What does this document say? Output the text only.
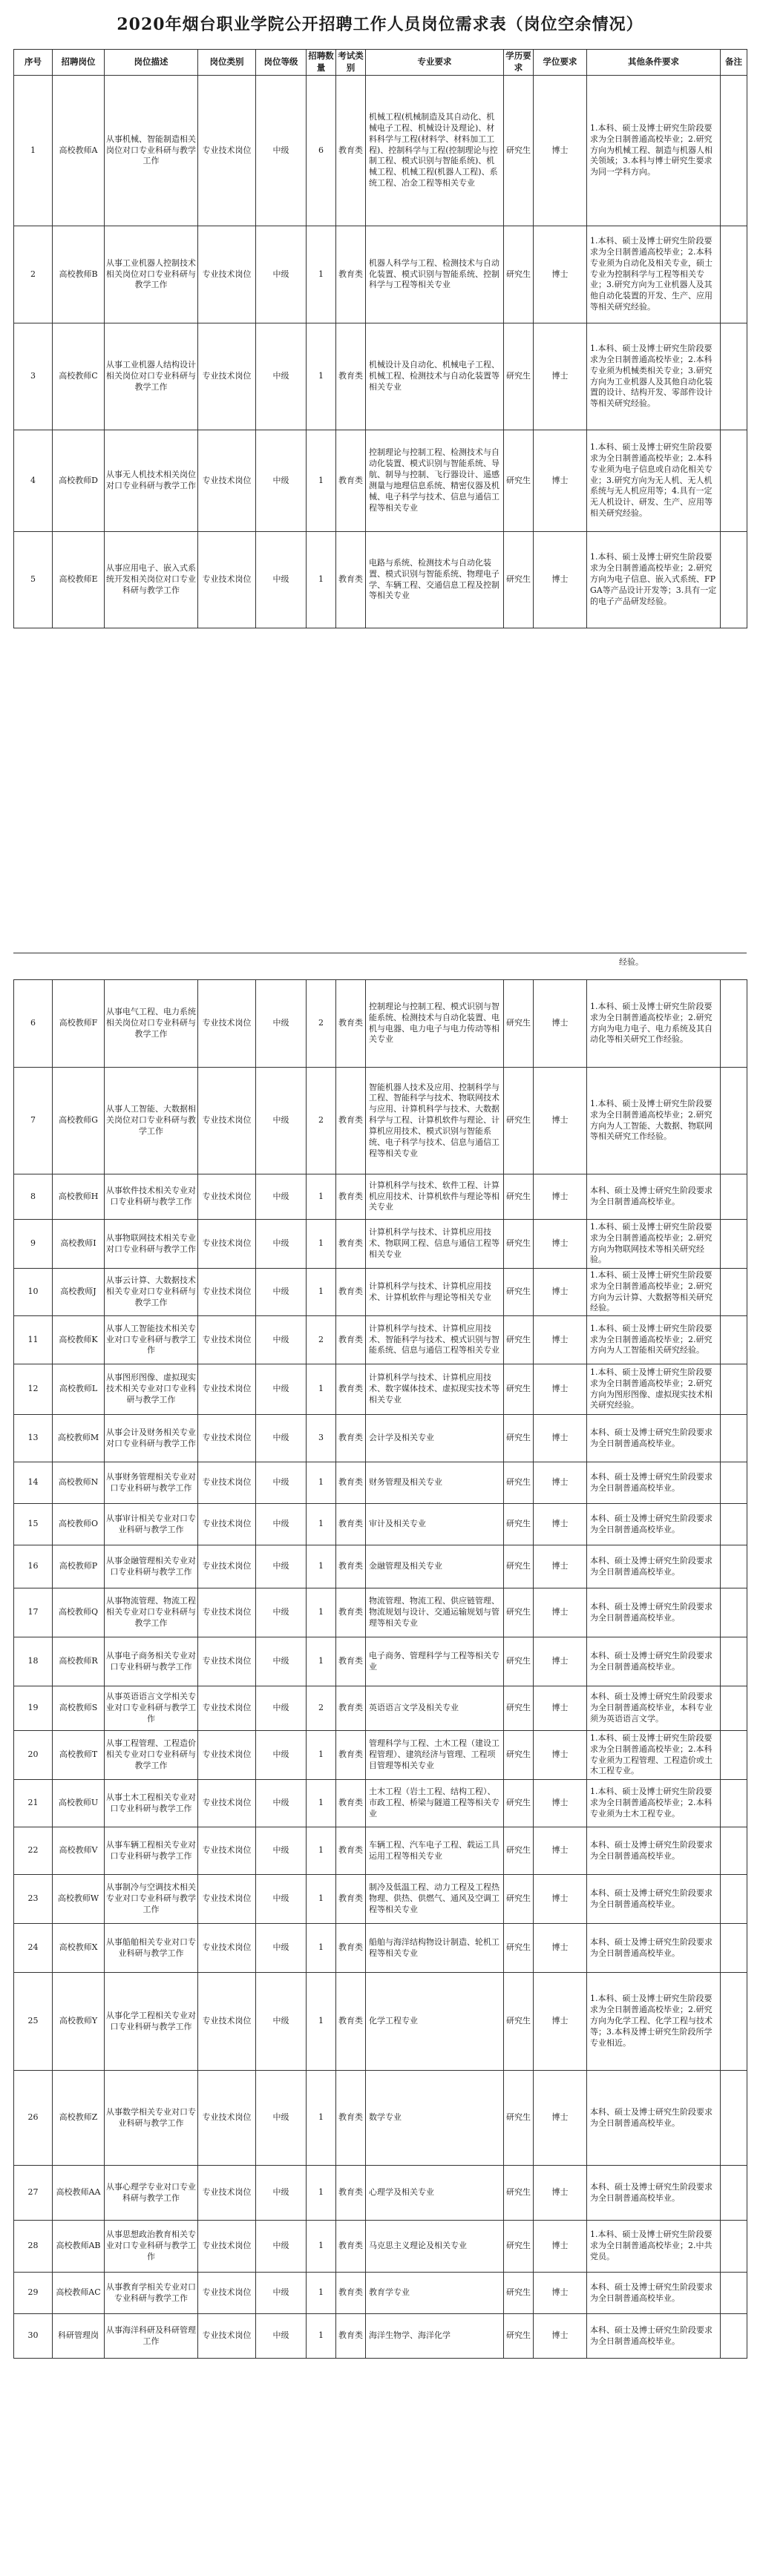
2020年烟台职业学院公开招聘工作人员岗位需求表（岗位空余情况）
序号	招聘岗位	岗位描述	岗位类别	岗位等级	招聘数量	考试类别	专业要求	学历要求	学位要求	其他条件要求	备注
1	高校教师A	从事机械、智能制造相关岗位对口专业科研与教学工作	专业技术岗位	中级	6	教育类	机械工程(机械制造及其自动化、机械电子工程、机械设计及理论)、材料科学与工程(材料学、材料加工工程)、控制科学与工程(控制理论与控制工程、模式识别与智能系统)、机械工程、机械工程(机器人工程)、系统工程、冶金工程等相关专业	研究生	博士	1.本科、硕士及博士研究生阶段要求为全日制普通高校毕业；2.研究方向为机械工程、制造与机器人相关领域；3.本科与博士研究生要求为同一学科方向。	
2	高校教师B	从事工业机器人控制技术相关岗位对口专业科研与教学工作	专业技术岗位	中级	1	教育类	机器人科学与工程、检测技术与自动化装置、模式识别与智能系统、控制科学与工程等相关专业	研究生	博士	1.本科、硕士及博士研究生阶段要求为全日制普通高校毕业；2.本科专业须为自动化及相关专业，硕士专业为控制科学与工程等相关专业；3.研究方向为工业机器人及其他自动化装置的开发、生产、应用等相关研究经验。	
3	高校教师C	从事工业机器人结构设计相关岗位对口专业科研与教学工作	专业技术岗位	中级	1	教育类	机械设计及自动化、机械电子工程、机械工程、检测技术与自动化装置等相关专业	研究生	博士	1.本科、硕士及博士研究生阶段要求为全日制普通高校毕业；2.本科专业须为机械类相关专业；3.研究方向为工业机器人及其他自动化装置的设计、结构开发、零部件设计等相关研究经验。	
4	高校教师D	从事无人机技术相关岗位对口专业科研与教学工作	专业技术岗位	中级	1	教育类	控制理论与控制工程、检测技术与自动化装置、模式识别与智能系统、导航、制导与控制、飞行器设计、遥感测量与地理信息系统、精密仪器及机械、电子科学与技术、信息与通信工程等相关专业	研究生	博士	1.本科、硕士及博士研究生阶段要求为全日制普通高校毕业；2.本科专业须为电子信息或自动化相关专业；3.研究方向为无人机、无人机系统与无人机应用等；4.具有一定无人机设计、研发、生产、应用等相关研究经验。	
5	高校教师E	从事应用电子、嵌入式系统开发相关岗位对口专业科研与教学工作	专业技术岗位	中级	1	教育类	电路与系统、检测技术与自动化装置、模式识别与智能系统、物理电子学、车辆工程、交通信息工程及控制等相关专业	研究生	博士	1.本科、硕士及博士研究生阶段要求为全日制普通高校毕业；2.研究方向为电子信息、嵌入式系统、FPGA等产品设计开发等；3.具有一定的电子产品研发经验。	
经验。
6	高校教师F	从事电气工程、电力系统相关岗位对口专业科研与教学工作	专业技术岗位	中级	2	教育类	控制理论与控制工程、模式识别与智能系统、检测技术与自动化装置、电机与电器、电力电子与电力传动等相关专业	研究生	博士	1.本科、硕士及博士研究生阶段要求为全日制普通高校毕业；2.研究方向为电力电子、电力系统及其自动化等相关研究工作经验。	
7	高校教师G	从事人工智能、大数据相关岗位对口专业科研与教学工作	专业技术岗位	中级	2	教育类	智能机器人技术及应用、控制科学与工程、智能科学与技术、物联网技术与应用、计算机科学与技术、大数据科学与工程、计算机软件与理论、计算机应用技术、模式识别与智能系统、电子科学与技术、信息与通信工程等相关专业	研究生	博士	1.本科、硕士及博士研究生阶段要求为全日制普通高校毕业；2.研究方向为人工智能、大数据、物联网等相关研究工作经验。	
8	高校教师H	从事软件技术相关专业对口专业科研与教学工作	专业技术岗位	中级	1	教育类	计算机科学与技术、软件工程、计算机应用技术、计算机软件与理论等相关专业	研究生	博士	本科、硕士及博士研究生阶段要求为全日制普通高校毕业。	
9	高校教师I	从事物联网技术相关专业对口专业科研与教学工作	专业技术岗位	中级	1	教育类	计算机科学与技术、计算机应用技术、物联网工程、信息与通信工程等相关专业	研究生	博士	1.本科、硕士及博士研究生阶段要求为全日制普通高校毕业；2.研究方向为物联网技术等相关研究经验。	
10	高校教师J	从事云计算、大数据技术相关专业对口专业科研与教学工作	专业技术岗位	中级	1	教育类	计算机科学与技术、计算机应用技术、计算机软件与理论等相关专业	研究生	博士	1.本科、硕士及博士研究生阶段要求为全日制普通高校毕业；2.研究方向为云计算、大数据等相关研究经验。	
11	高校教师K	从事人工智能技术相关专业对口专业科研与教学工作	专业技术岗位	中级	2	教育类	计算机科学与技术、计算机应用技术、智能科学与技术、模式识别与智能系统、信息与通信工程等相关专业	研究生	博士	1.本科、硕士及博士研究生阶段要求为全日制普通高校毕业；2.研究方向为人工智能相关研究经验。	
12	高校教师L	从事图形图像、虚拟现实技术相关专业对口专业科研与教学工作	专业技术岗位	中级	1	教育类	计算机科学与技术、计算机应用技术、数字媒体技术、虚拟现实技术等相关专业	研究生	博士	1.本科、硕士及博士研究生阶段要求为全日制普通高校毕业；2.研究方向为图形图像、虚拟现实技术相关研究经验。	
13	高校教师M	从事会计及财务相关专业对口专业科研与教学工作	专业技术岗位	中级	3	教育类	会计学及相关专业	研究生	博士	本科、硕士及博士研究生阶段要求为全日制普通高校毕业。	
14	高校教师N	从事财务管理相关专业对口专业科研与教学工作	专业技术岗位	中级	1	教育类	财务管理及相关专业	研究生	博士	本科、硕士及博士研究生阶段要求为全日制普通高校毕业。	
15	高校教师O	从事审计相关专业对口专业科研与教学工作	专业技术岗位	中级	1	教育类	审计及相关专业	研究生	博士	本科、硕士及博士研究生阶段要求为全日制普通高校毕业。	
16	高校教师P	从事金融管理相关专业对口专业科研与教学工作	专业技术岗位	中级	1	教育类	金融管理及相关专业	研究生	博士	本科、硕士及博士研究生阶段要求为全日制普通高校毕业。	
17	高校教师Q	从事物流管理、物流工程相关专业对口专业科研与教学工作	专业技术岗位	中级	1	教育类	物流管理、物流工程、供应链管理、物流规划与设计、交通运输规划与管理等相关专业	研究生	博士	本科、硕士及博士研究生阶段要求为全日制普通高校毕业。	
18	高校教师R	从事电子商务相关专业对口专业科研与教学工作	专业技术岗位	中级	1	教育类	电子商务、管理科学与工程等相关专业	研究生	博士	本科、硕士及博士研究生阶段要求为全日制普通高校毕业。	
19	高校教师S	从事英语语言文学相关专业对口专业科研与教学工作	专业技术岗位	中级	2	教育类	英语语言文学及相关专业	研究生	博士	本科、硕士及博士研究生阶段要求为全日制普通高校毕业，本科专业须为英语语言文学。	
20	高校教师T	从事工程管理、工程造价相关专业对口专业科研与教学工作	专业技术岗位	中级	1	教育类	管理科学与工程、土木工程（建设工程管理）、建筑经济与管理、工程项目管理等相关专业	研究生	博士	1.本科、硕士及博士研究生阶段要求为全日制普通高校毕业；2.本科专业须为工程管理、工程造价或土木工程专业。	
21	高校教师U	从事土木工程相关专业对口专业科研与教学工作	专业技术岗位	中级	1	教育类	土木工程（岩土工程、结构工程）、市政工程、桥梁与隧道工程等相关专业	研究生	博士	1.本科、硕士及博士研究生阶段要求为全日制普通高校毕业；2.本科专业须为土木工程专业。	
22	高校教师V	从事车辆工程相关专业对口专业科研与教学工作	专业技术岗位	中级	1	教育类	车辆工程、汽车电子工程、载运工具运用工程等相关专业	研究生	博士	本科、硕士及博士研究生阶段要求为全日制普通高校毕业。	
23	高校教师W	从事制冷与空调技术相关专业对口专业科研与教学工作	专业技术岗位	中级	1	教育类	制冷及低温工程、动力工程及工程热物理、供热、供燃气、通风及空调工程等相关专业	研究生	博士	本科、硕士及博士研究生阶段要求为全日制普通高校毕业。	
24	高校教师X	从事船舶相关专业对口专业科研与教学工作	专业技术岗位	中级	1	教育类	船舶与海洋结构物设计制造、轮机工程等相关专业	研究生	博士	本科、硕士及博士研究生阶段要求为全日制普通高校毕业。	
25	高校教师Y	从事化学工程相关专业对口专业科研与教学工作	专业技术岗位	中级	1	教育类	化学工程专业	研究生	博士	1.本科、硕士及博士研究生阶段要求为全日制普通高校毕业；2.研究方向为化学工程、化学工程与技术等；3.本科及博士研究生阶段所学专业相近。	
26	高校教师Z	从事数学相关专业对口专业科研与教学工作	专业技术岗位	中级	1	教育类	数学专业	研究生	博士	本科、硕士及博士研究生阶段要求为全日制普通高校毕业。	
27	高校教师AA	从事心理学专业对口专业科研与教学工作	专业技术岗位	中级	1	教育类	心理学及相关专业	研究生	博士	本科、硕士及博士研究生阶段要求为全日制普通高校毕业。	
28	高校教师AB	从事思想政治教育相关专业对口专业科研与教学工作	专业技术岗位	中级	1	教育类	马克思主义理论及相关专业	研究生	博士	1.本科、硕士及博士研究生阶段要求为全日制普通高校毕业；2.中共党员。	
29	高校教师AC	从事教育学相关专业对口专业科研与教学工作	专业技术岗位	中级	1	教育类	教育学专业	研究生	博士	本科、硕士及博士研究生阶段要求为全日制普通高校毕业。	
30	科研管理岗	从事海洋科研及科研管理工作	专业技术岗位	中级	1	教育类	海洋生物学、海洋化学	研究生	博士	本科、硕士及博士研究生阶段要求为全日制普通高校毕业。	
